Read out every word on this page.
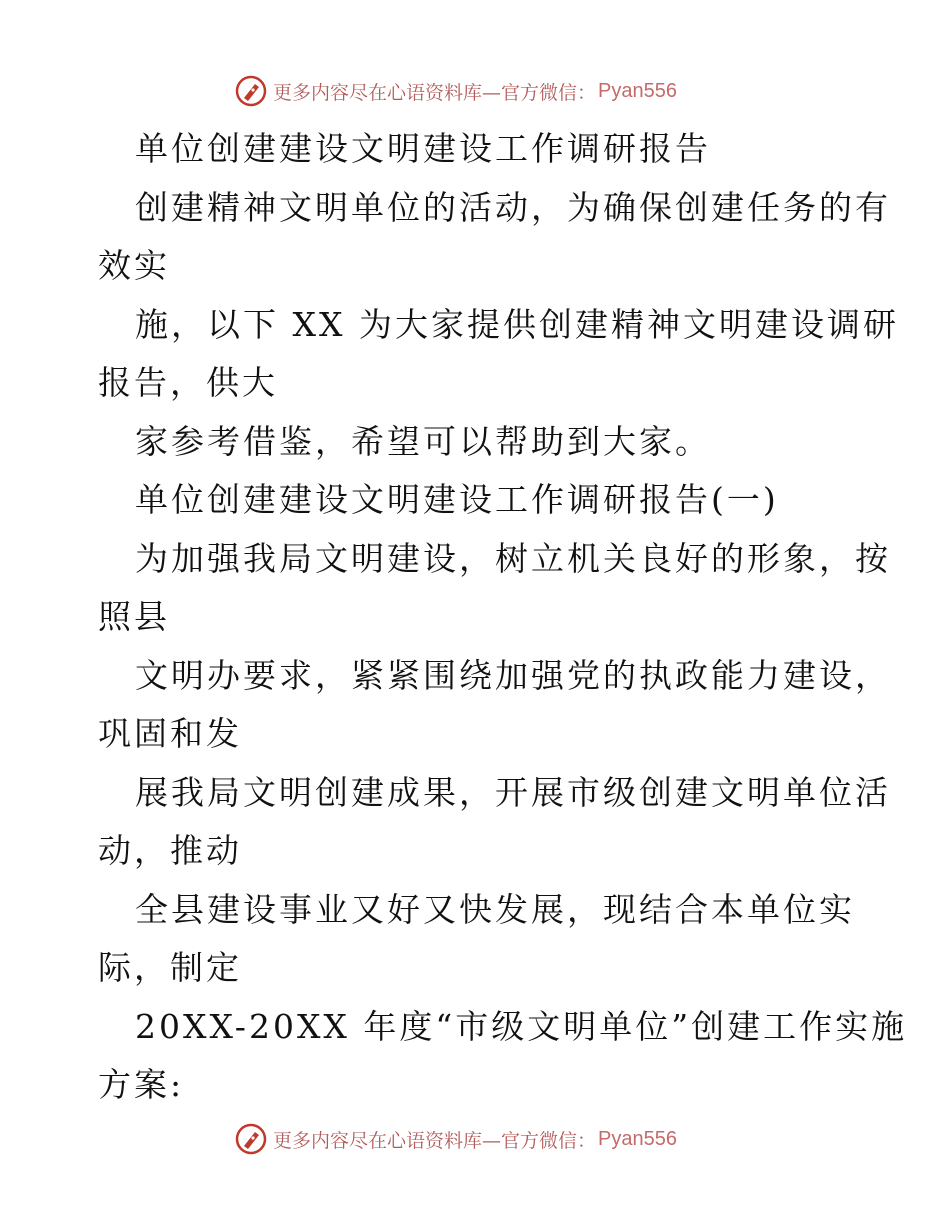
更多内容尽在心语资料库—官方微信： Pyan556
单位创建建设文明建设工作调研报告
创建精神文明单位的活动，为确保创建任务的有
效实
施，以下 XX 为大家提供创建精神文明建设调研
报告，供大
家参考借鉴，希望可以帮助到大家。
单位创建建设文明建设工作调研报告(一)
为加强我局文明建设，树立机关良好的形象，按
照县
文明办要求，紧紧围绕加强党的执政能力建设，
巩固和发
展我局文明创建成果，开展市级创建文明单位活
动，推动
全县建设事业又好又快发展，现结合本单位实
际，制定
20XX-20XX 年度“市级文明单位”创建工作实施
方案:
更多内容尽在心语资料库—官方微信： Pyan556
